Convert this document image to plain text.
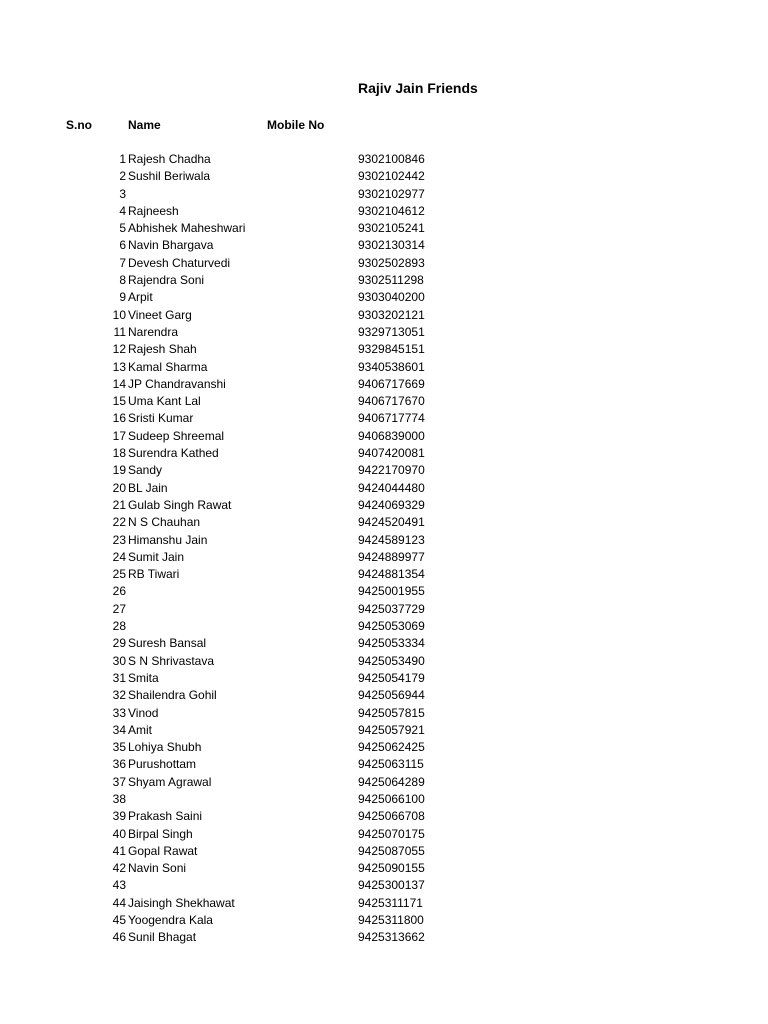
Rajiv Jain Friends
S.no	Name	Mobile No
1 Rajesh Chadha	9302100846
2 Sushil Beriwala	9302102442
3	9302102977
4 Rajneesh	9302104612
5 Abhishek Maheshwari	9302105241
6 Navin Bhargava	9302130314
7 Devesh Chaturvedi	9302502893
8 Rajendra Soni	9302511298
9 Arpit	9303040200
10 Vineet Garg	9303202121
11 Narendra	9329713051
12 Rajesh Shah	9329845151
13 Kamal Sharma	9340538601
14 JP Chandravanshi	9406717669
15 Uma Kant Lal	9406717670
16 Sristi Kumar	9406717774
17 Sudeep Shreemal	9406839000
18 Surendra Kathed	9407420081
19 Sandy	9422170970
20 BL Jain	9424044480
21 Gulab Singh Rawat	9424069329
22 N S Chauhan	9424520491
23 Himanshu Jain	9424589123
24 Sumit Jain	9424889977
25 RB Tiwari	9424881354
26	9425001955
27	9425037729
28	9425053069
29 Suresh Bansal	9425053334
30 S N Shrivastava	9425053490
31 Smita	9425054179
32 Shailendra Gohil	9425056944
33 Vinod	9425057815
34 Amit	9425057921
35 Lohiya Shubh	9425062425
36 Purushottam	9425063115
37 Shyam Agrawal	9425064289
38	9425066100
39 Prakash Saini	9425066708
40 Birpal Singh	9425070175
41 Gopal Rawat	9425087055
42 Navin Soni	9425090155
43	9425300137
44 Jaisingh Shekhawat	9425311171
45 Yoogendra Kala	9425311800
46 Sunil Bhagat	9425313662
